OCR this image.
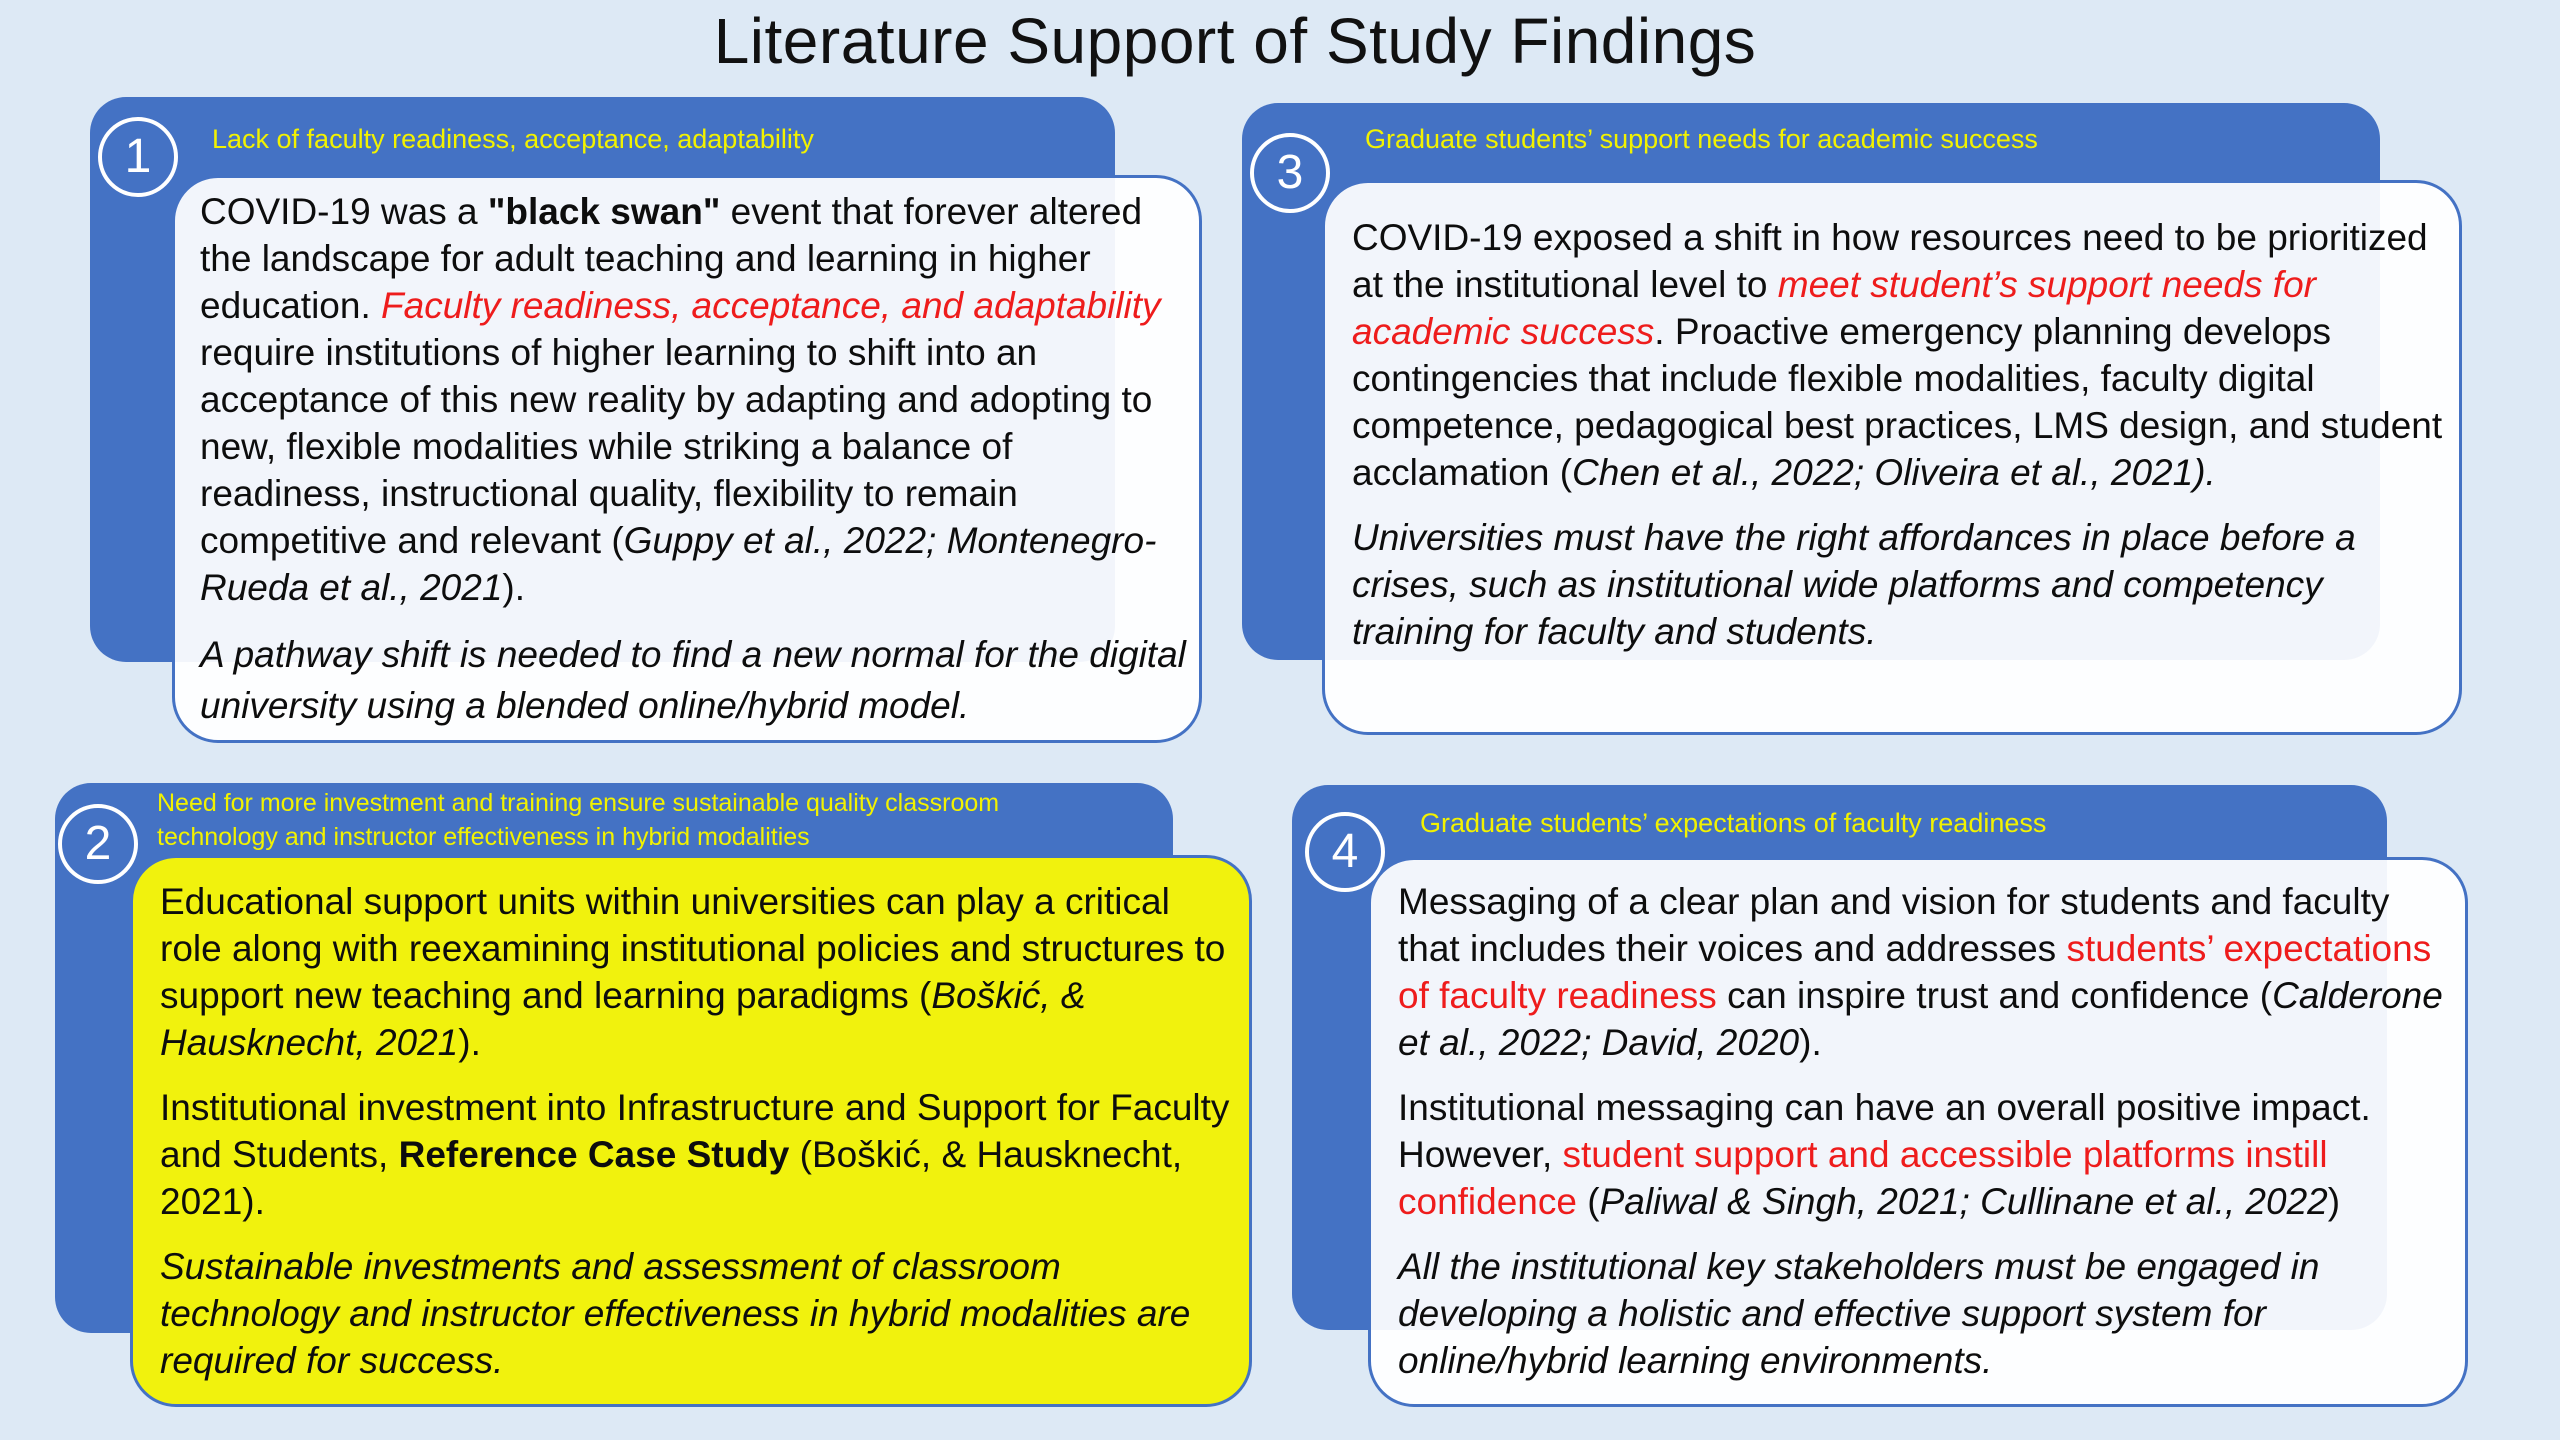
Literature Support of Study Findings
1	Lack of faculty readiness, acceptance, adaptability

COVID-19 was a "black swan" event that forever altered the landscape for adult teaching and learning in higher education. Faculty readiness, acceptance, and adaptability require institutions of higher learning to shift into an acceptance of this new reality by adapting and adopting to new, flexible modalities while striking a balance of readiness, instructional quality, flexibility to remain competitive and relevant (Guppy et al., 2022; Montenegro-Rueda et al., 2021).

A pathway shift is needed to find a new normal for the digital university using a blended online/hybrid model.

2
Need for more investment and training ensure sustainable quality classroom
technology and instructor effectiveness in hybrid modalities

Educational support units within universities can play a critical role along with reexamining institutional policies and structures to support new teaching and learning paradigms (Boškić, & Hausknecht, 2021).

Institutional investment into Infrastructure and Support for Faculty and Students, Reference Case Study (Boškić, & Hausknecht, 2021).

Sustainable investments and assessment of classroom technology and instructor effectiveness in hybrid modalities are required for success.

3
Graduate students’ support needs for academic success

COVID-19 exposed a shift in how resources need to be prioritized at the institutional level to meet student’s support needs for academic success. Proactive emergency planning develops contingencies that include flexible modalities, faculty digital competence, pedagogical best practices, LMS design, and student acclamation (Chen et al., 2022; Oliveira et al., 2021).

Universities must have the right affordances in place before a crises, such as institutional wide platforms and competency training for faculty and students.

4
Graduate students’ expectations of faculty readiness

Messaging of a clear plan and vision for students and faculty that includes their voices and addresses students’ expectations of faculty readiness can inspire trust and confidence (Calderone et al., 2022; David, 2020).

Institutional messaging can have an overall positive impact. However, student support and accessible platforms instill confidence (Paliwal & Singh, 2021; Cullinane et al., 2022)

All the institutional key stakeholders must be engaged in developing a holistic and effective support system for online/hybrid learning environments.
